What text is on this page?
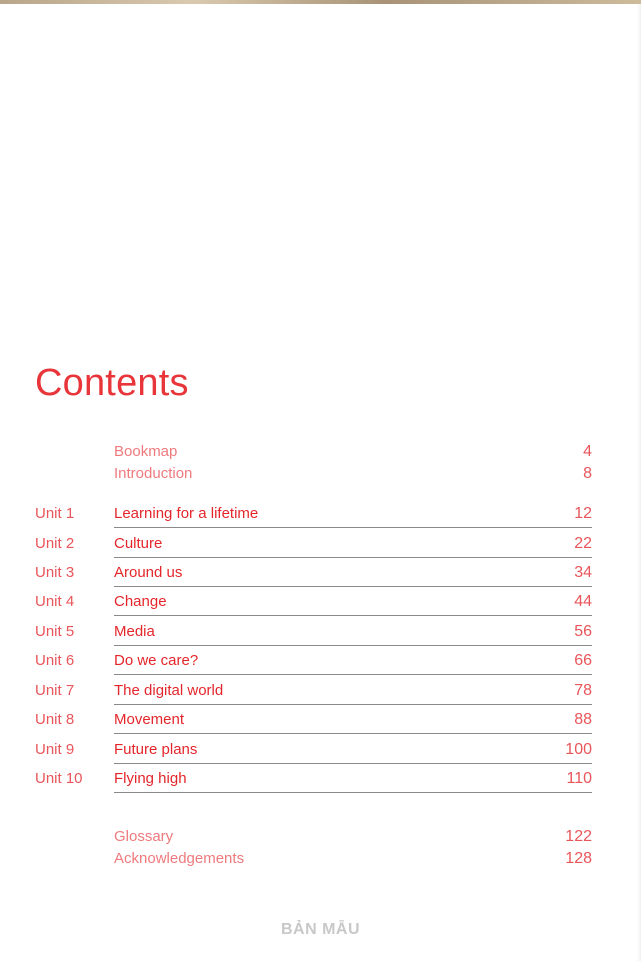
Contents
Bookmap	4
Introduction	8
Unit 1	Learning for a lifetime	12
Unit 2	Culture	22
Unit 3	Around us	34
Unit 4	Change	44
Unit 5	Media	56
Unit 6	Do we care?	66
Unit 7	The digital world	78
Unit 8	Movement	88
Unit 9	Future plans	100
Unit 10 Flying high	110
Glossary	122
Acknowledgements	128
BẢN MẪU
